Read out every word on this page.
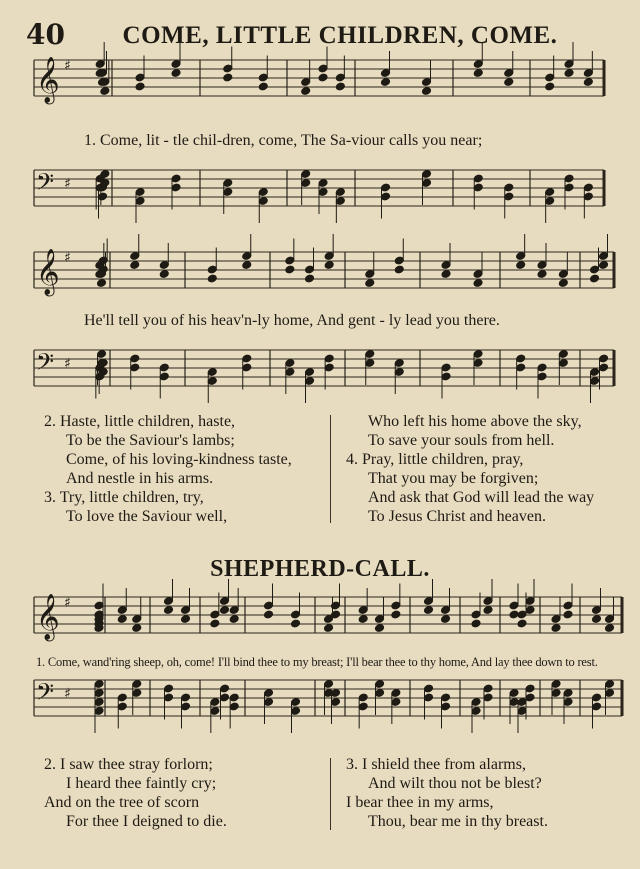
40	COME, LITTLE CHILDREN, COME.
𝄞 ♯
𝄢 ♯
𝄞 ♯
𝄢 ♯
𝄞 ♯
𝄢 ♯
1. Come, lit - tle chil-dren, come, The Sa-viour calls you near;
He'll tell you of his heav'n-ly home, And gent - ly lead you there.
2. Haste, little children, haste,
To be the Saviour's lambs;
Come, of his loving-kindness taste,
And nestle in his arms.
3. Try, little children, try,
To love the Saviour well,
Who left his home above the sky,
To save your souls from hell.
4. Pray, little children, pray,
That you may be forgiven;
And ask that God will lead the way
To Jesus Christ and heaven.
SHEPHERD-CALL.
1. Come, wand'ring sheep, oh, come! I'll bind thee to my breast; I'll bear thee to thy home, And lay thee down to rest.
2. I saw thee stray forlorn;
I heard thee faintly cry;
And on the tree of scorn
For thee I deigned to die.
3. I shield thee from alarms,
And wilt thou not be blest?
I bear thee in my arms,
Thou, bear me in thy breast.
